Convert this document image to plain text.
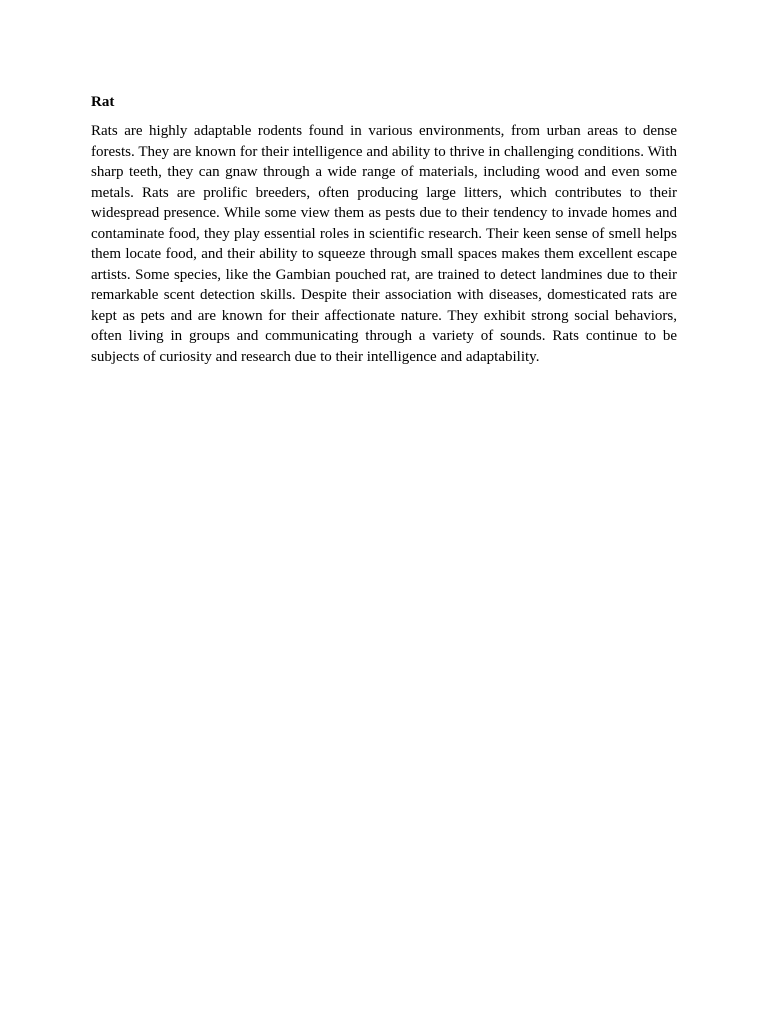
Rat

Rats are highly adaptable rodents found in various environments, from urban areas to dense forests. They are known for their intelligence and ability to thrive in challenging conditions. With sharp teeth, they can gnaw through a wide range of materials, including wood and even some metals. Rats are prolific breeders, often producing large litters, which contributes to their widespread presence. While some view them as pests due to their tendency to invade homes and contaminate food, they play essential roles in scientific research. Their keen sense of smell helps them locate food, and their ability to squeeze through small spaces makes them excellent escape artists. Some species, like the Gambian pouched rat, are trained to detect landmines due to their remarkable scent detection skills. Despite their association with diseases, domesticated rats are kept as pets and are known for their affectionate nature. They exhibit strong social behaviors, often living in groups and communicating through a variety of sounds. Rats continue to be subjects of curiosity and research due to their intelligence and adaptability.
